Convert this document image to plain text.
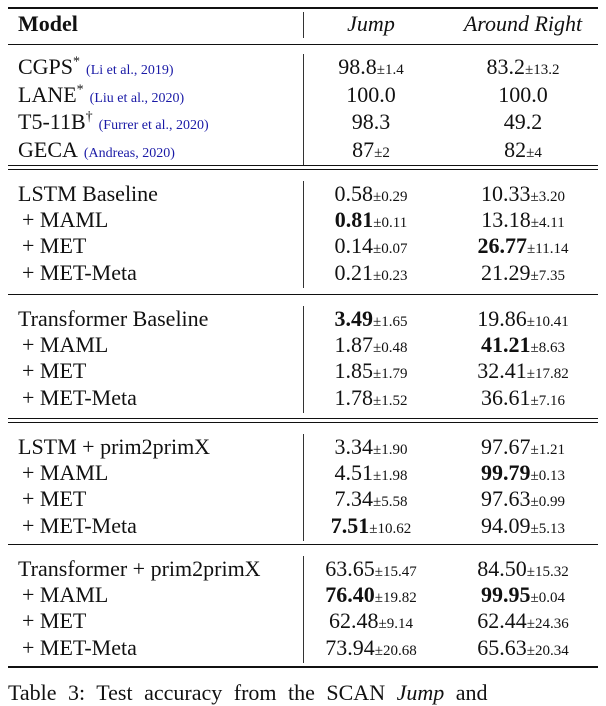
Model	Jump	Around Right
CGPS*(Li et al., 2019)	98.8±1.4	83.2±13.2
LANE*(Liu et al., 2020)	100.0	100.0
T5-11B†(Furrer et al., 2020)	98.3	49.2
GECA (Andreas, 2020)	87±2	82±4
LSTM Baseline	0.58±0.29	10.33±3.20
+ MAML	0.81±0.11	13.18±4.11
+ MET	0.14±0.07	26.77±11.14
+ MET-Meta	0.21±0.23	21.29±7.35
Transformer Baseline	3.49±1.65	19.86±10.41
+ MAML	1.87±0.48	41.21±8.63
+ MET	1.85±1.79	32.41±17.82
+ MET-Meta	1.78±1.52	36.61±7.16
LSTM + prim2primX	3.34±1.90	97.67±1.21
+ MAML	4.51±1.98	99.79±0.13
+ MET	7.34±5.58	97.63±0.99
+ MET-Meta	7.51±10.62	94.09±5.13
Transformer + prim2primX	63.65±15.47	84.50±15.32
+ MAML	76.40±19.82	99.95±0.04
+ MET	62.48±9.14	62.44±24.36
+ MET-Meta	73.94±20.68	65.63±20.34
Table 3: Test accuracy from the SCAN Jump and
